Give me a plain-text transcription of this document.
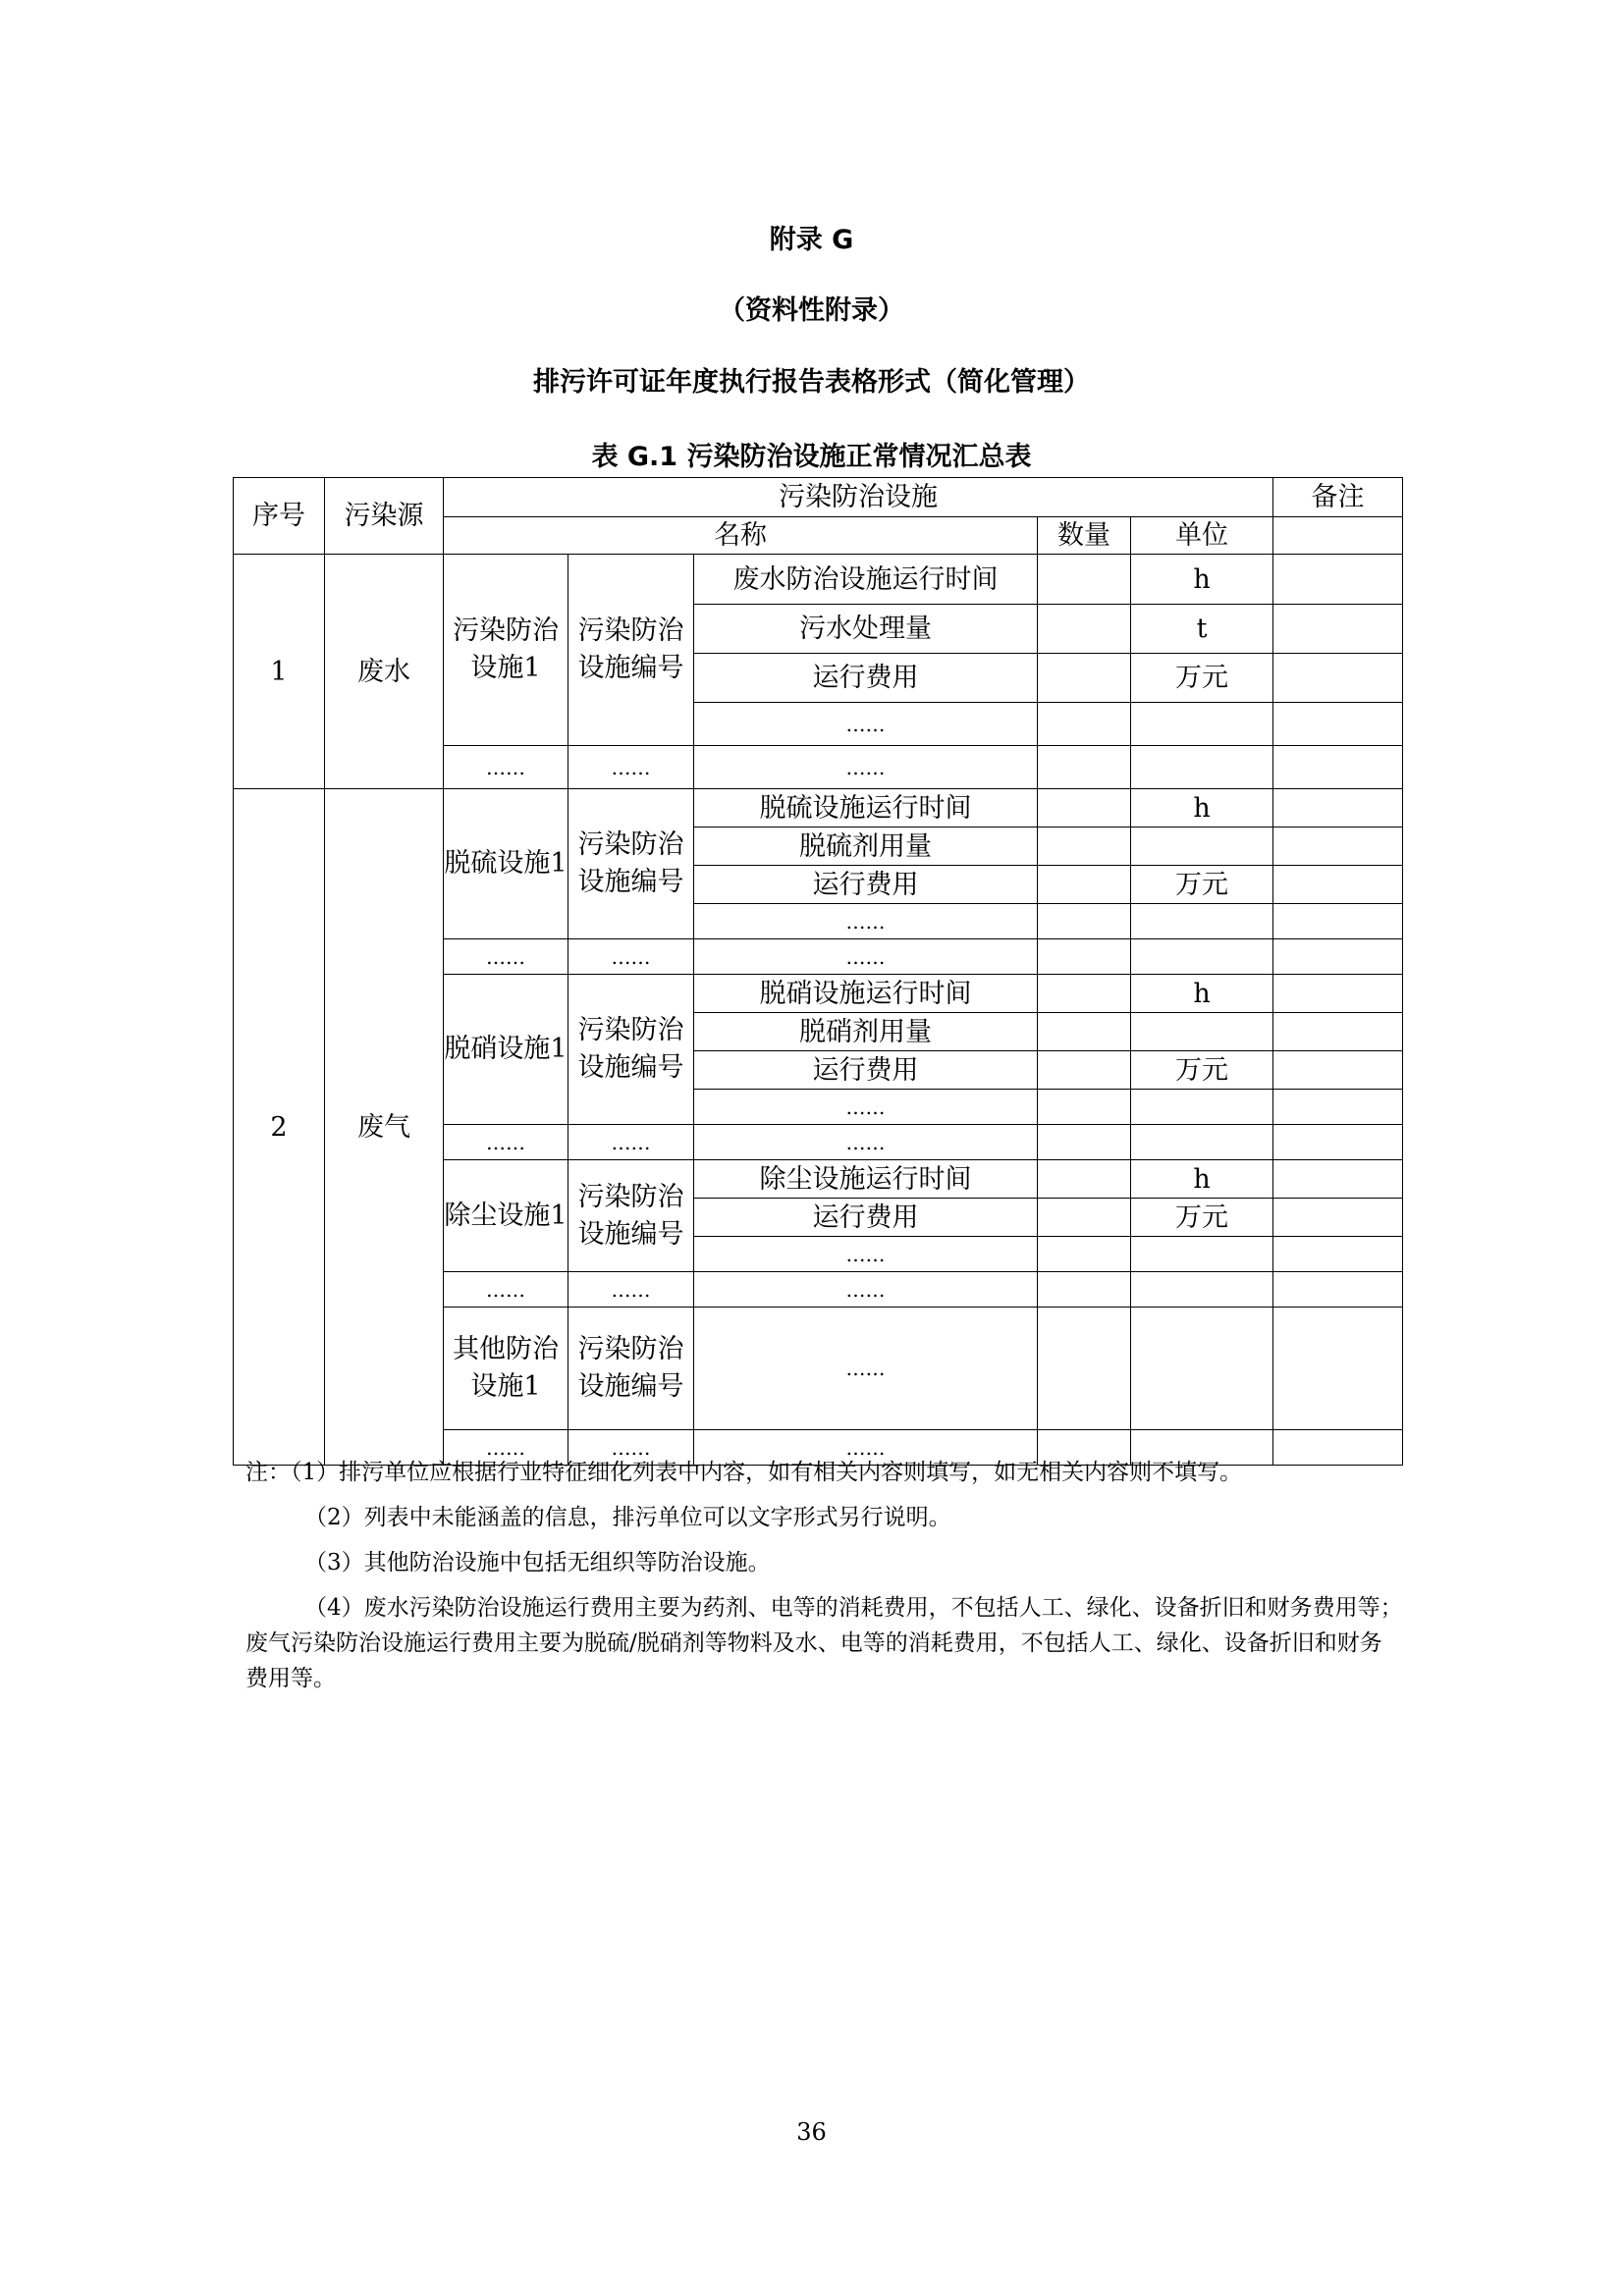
附录 G
（资料性附录）
排污许可证年度执行报告表格形式（简化管理）
表 G.1 污染防治设施正常情况汇总表
序号	污染源	污染防治设施					备注
		名称			数量	单位	
1	废水	污染防治设施1	污染防治设施编号	废水防治设施运行时间		h	
				污水处理量		t	
				运行费用		万元	
				……			
		……	……	……			
2	废气	脱硫设施1	污染防治设施编号	脱硫设施运行时间		h	
				脱硫剂用量			
				运行费用		万元	
				……			
		……	……	……			
		脱硝设施1	污染防治设施编号	脱硝设施运行时间		h	
				脱硝剂用量			
				运行费用		万元	
				……			
		……	……	……			
		除尘设施1	污染防治设施编号	除尘设施运行时间		h	
				运行费用		万元	
				……			
		……	……	……			
		其他防治设施1	污染防治设施编号	……			
		……	……	……			

注：（1）排污单位应根据行业特征细化列表中内容，如有相关内容则填写，如无相关内容则不填写。

（2）列表中未能涵盖的信息，排污单位可以文字形式另行说明。

（3）其他防治设施中包括无组织等防治设施。

（4）废水污染防治设施运行费用主要为药剂、电等的消耗费用，不包括人工、绿化、设备折旧和财务费用等；废气污染防治设施运行费用主要为脱硫/脱硝剂等物料及水、电等的消耗费用，不包括人工、绿化、设备折旧和财务费用等。

36
